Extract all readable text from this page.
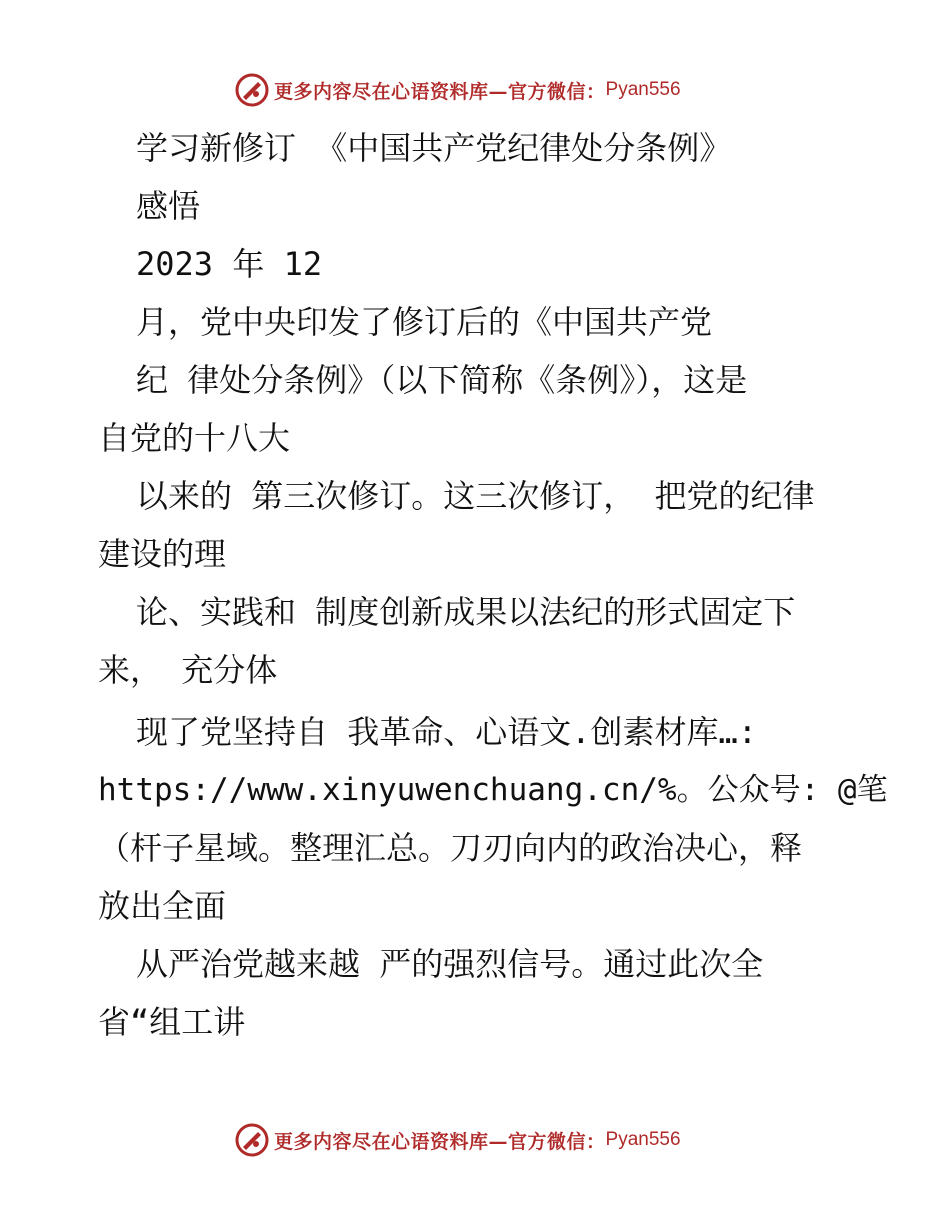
更多内容尽在心语资料库 —官方微信： Pyan556
学习新修订 《中国共产党纪律处分条例》
感悟
2023 年 12
月，党中央印发了修订后的《中国共产党
纪 律处分条例》（以下简称《条例》），这是
自党的十八大
以来的 第三次修订。这三次修订， 把党的纪律
建设的理
论、实践和 制度创新成果以法纪的形式固定下
来， 充分体
现了党坚持自 我革命、心语文.创素材库…:
https://www.xinyuwenchuang.cn/%。公众号: @笔
（杆子星域。整理汇总。刀刃向内的政治决心，释
放出全面
从严治党越来越 严的强烈信号。通过此次全
省“组工讲
更多内容尽在心语资料库 —官方微信： Pyan556
